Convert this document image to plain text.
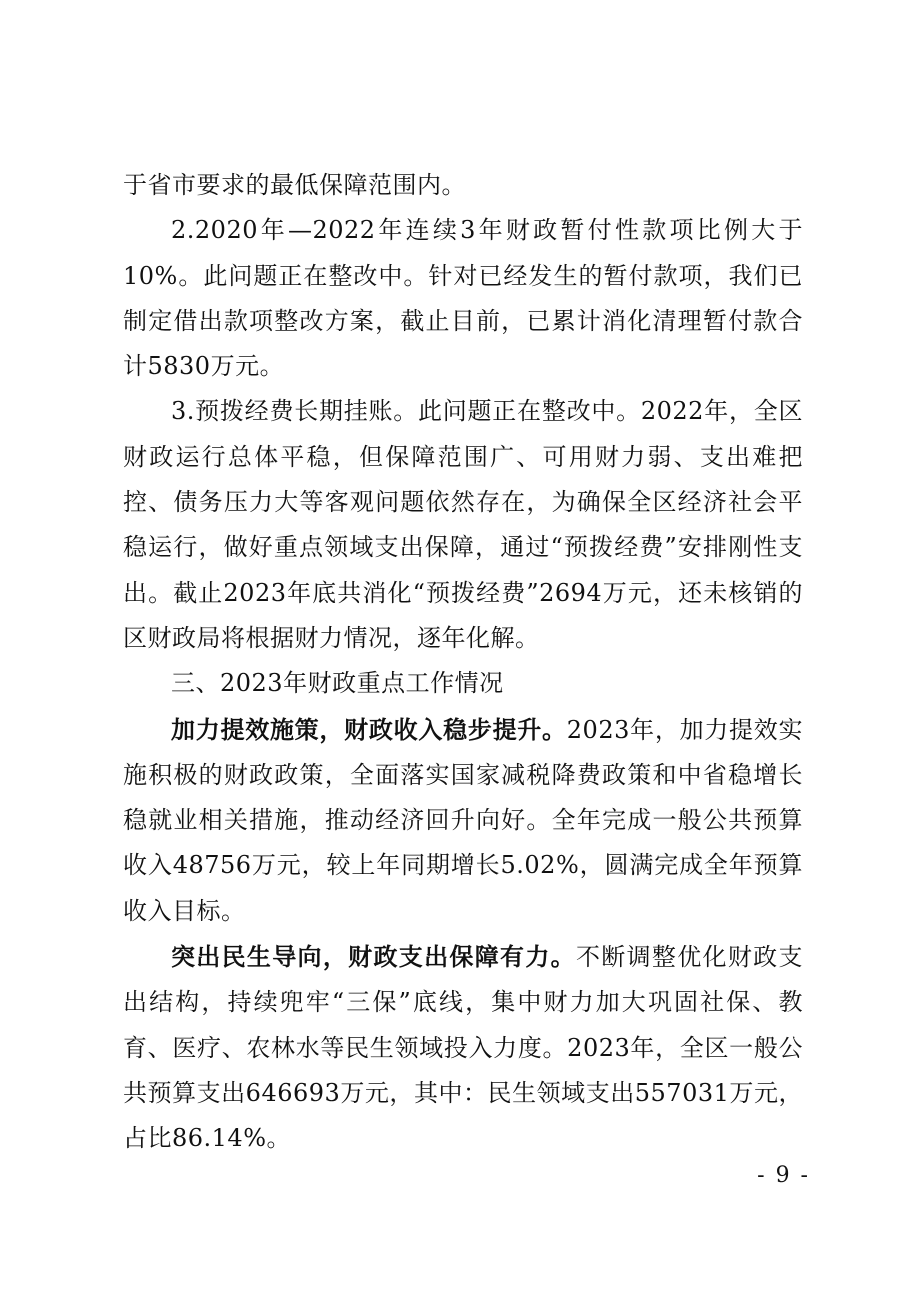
于省市要求的最低保障范围内。

2.2020年—2022年连续3年财政暂付性款项比例大于10%。此问题正在整改中。针对已经发生的暂付款项，我们已制定借出款项整改方案，截止目前，已累计消化清理暂付款合计5830万元。

3.预拨经费长期挂账。此问题正在整改中。2022年，全区财政运行总体平稳，但保障范围广、可用财力弱、支出难把控、债务压力大等客观问题依然存在，为确保全区经济社会平稳运行，做好重点领域支出保障，通过“预拨经费”安排刚性支出。截止2023年底共消化“预拨经费”2694万元，还未核销的区财政局将根据财力情况，逐年化解。

三、2023年财政重点工作情况

加力提效施策，财政收入稳步提升。2023年，加力提效实施积极的财政政策，全面落实国家减税降费政策和中省稳增长稳就业相关措施，推动经济回升向好。全年完成一般公共预算收入48756万元，较上年同期增长5.02%，圆满完成全年预算收入目标。

突出民生导向，财政支出保障有力。不断调整优化财政支出结构，持续兜牢“三保”底线，集中财力加大巩固社保、教育、医疗、农林水等民生领域投入力度。2023年，全区一般公共预算支出646693万元，其中：民生领域支出557031万元，占比86.14%。

- 9 -
